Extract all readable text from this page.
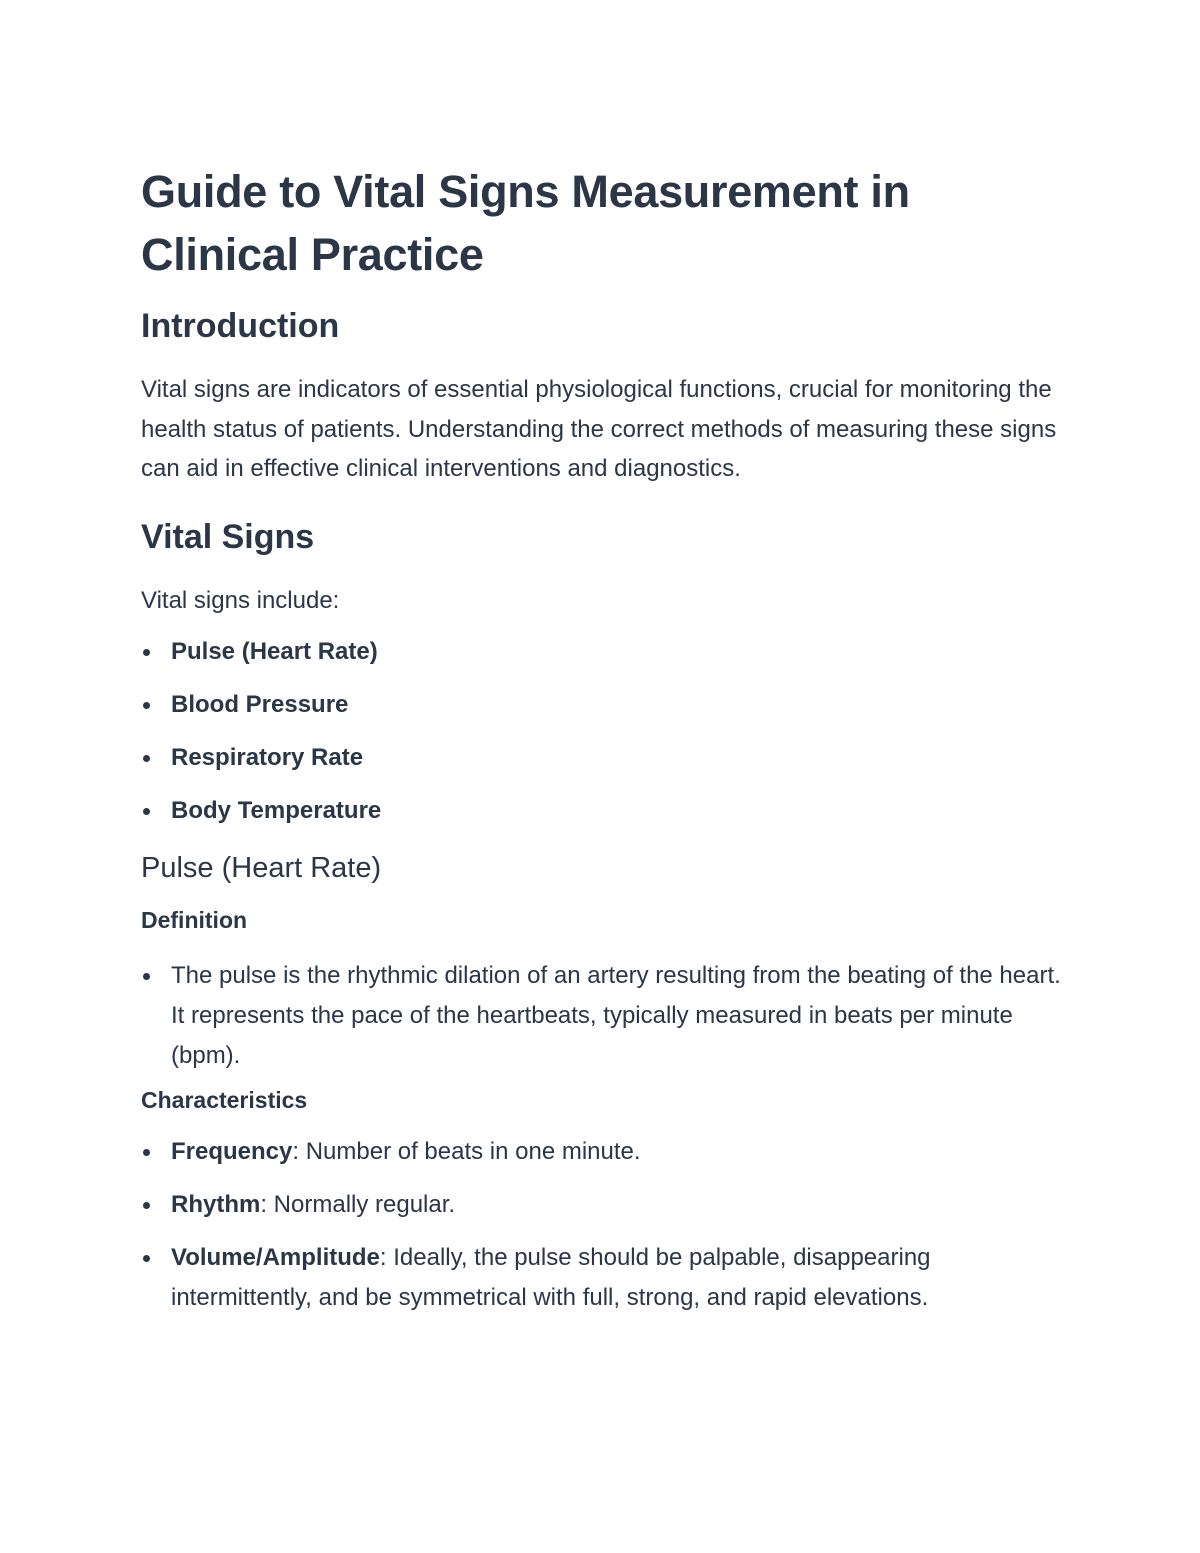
Guide to Vital Signs Measurement in Clinical Practice
Introduction

Vital signs are indicators of essential physiological functions, crucial for monitoring the health status of patients. Understanding the correct methods of measuring these signs can aid in effective clinical interventions and diagnostics.

Vital Signs

Vital signs include:

Pulse (Heart Rate)
Blood Pressure
Respiratory Rate
Body Temperature
Pulse (Heart Rate)
Definition
The pulse is the rhythmic dilation of an artery resulting from the beating of the heart. It represents the pace of the heartbeats, typically measured in beats per minute (bpm).
Characteristics
Frequency: Number of beats in one minute.
Rhythm: Normally regular.
Volume/Amplitude: Ideally, the pulse should be palpable, disappearing intermittently, and be symmetrical with full, strong, and rapid elevations.
